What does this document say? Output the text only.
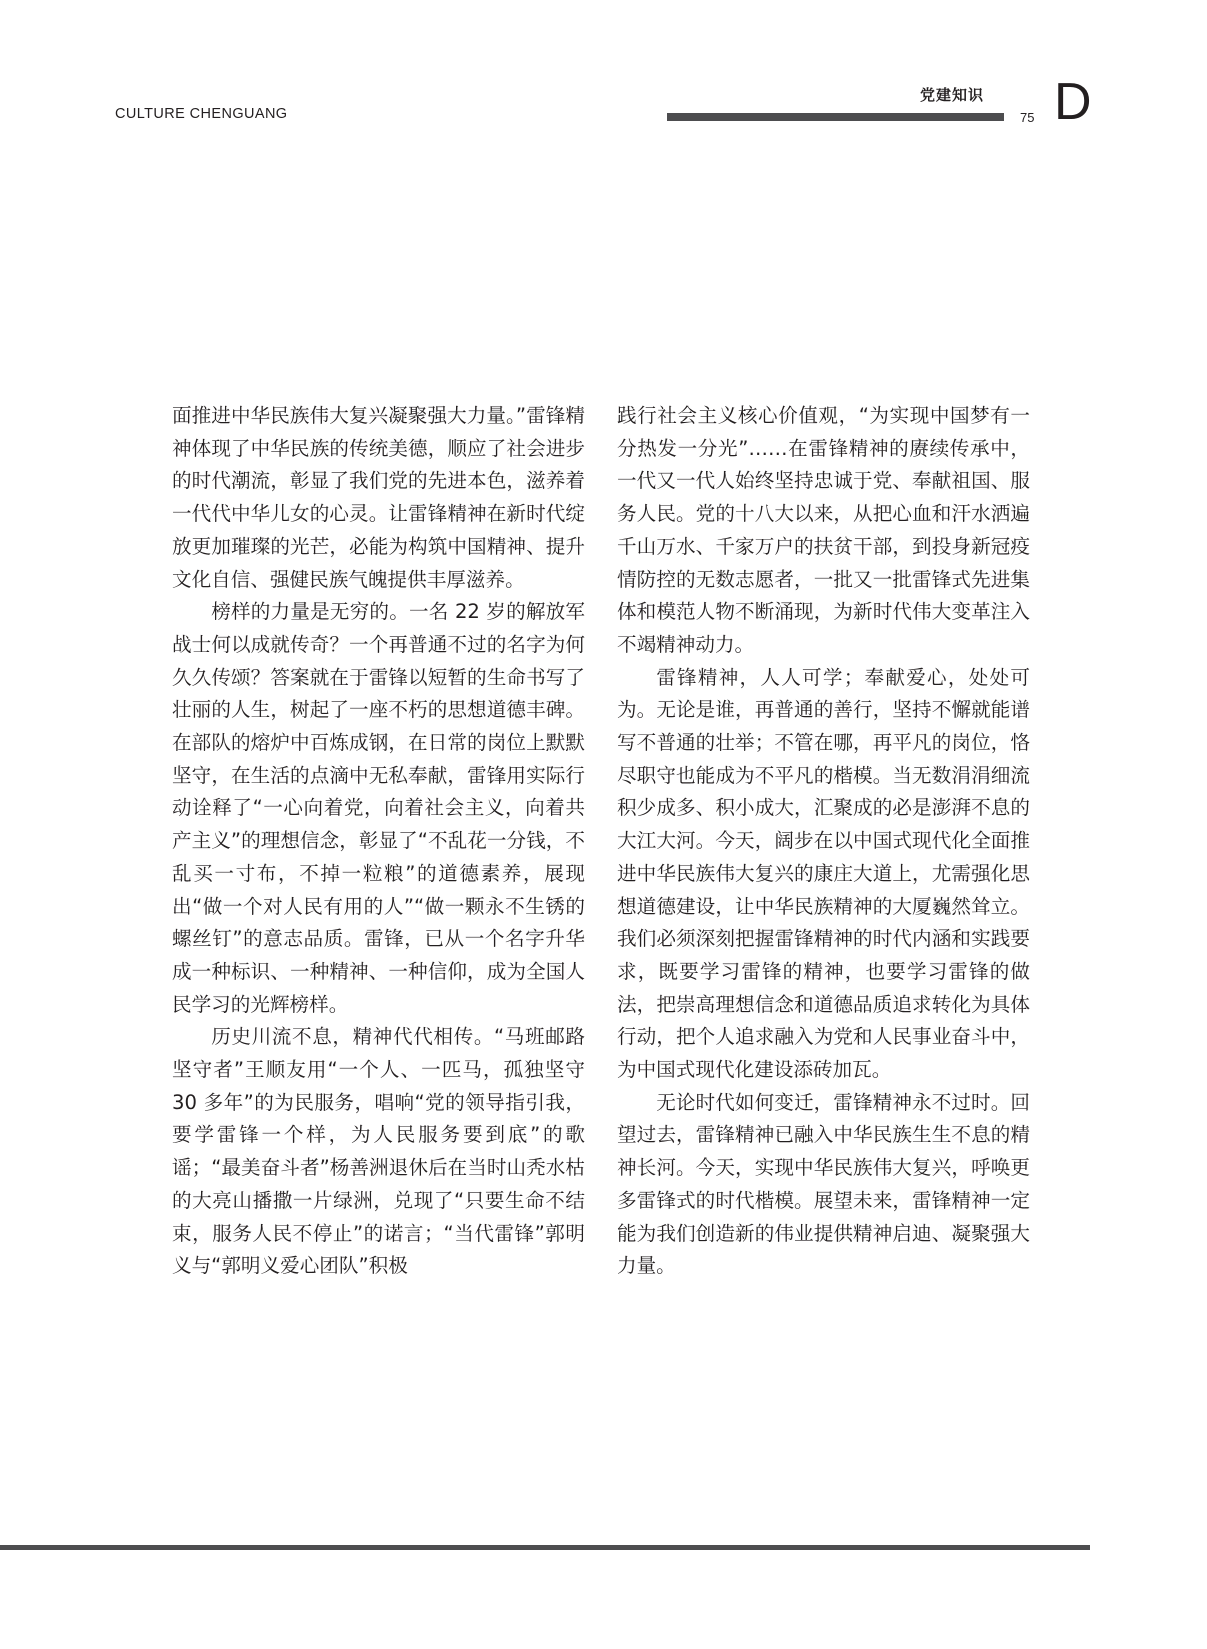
CULTURE CHENGUANG
党建知识
75 D

面推进中华民族伟大复兴凝聚强大力量。”雷锋精神体现了中华民族的传统美德，顺应了社会进步的时代潮流，彰显了我们党的先进本色，滋养着一代代中华儿女的心灵。让雷锋精神在新时代绽放更加璀璨的光芒，必能为构筑中国精神、提升文化自信、强健民族气魄提供丰厚滋养。

榜样的力量是无穷的。一名 22 岁的解放军战士何以成就传奇？一个再普通不过的名字为何久久传颂？答案就在于雷锋以短暂的生命书写了壮丽的人生，树起了一座不朽的思想道德丰碑。在部队的熔炉中百炼成钢，在日常的岗位上默默坚守，在生活的点滴中无私奉献，雷锋用实际行动诠释了“一心向着党，向着社会主义，向着共产主义”的理想信念，彰显了“不乱花一分钱，不乱买一寸布，不掉一粒粮”的道德素养，展现出“做一个对人民有用的人”“做一颗永不生锈的螺丝钉”的意志品质。雷锋，已从一个名字升华成一种标识、一种精神、一种信仰，成为全国人民学习的光辉榜样。

历史川流不息，精神代代相传。“马班邮路坚守者”王顺友用“一个人、一匹马，孤独坚守 30 多年”的为民服务，唱响“党的领导指引我，要学雷锋一个样，为人民服务要到底”的歌谣；“最美奋斗者”杨善洲退休后在当时山秃水枯的大亮山播撒一片绿洲，兑现了“只要生命不结束，服务人民不停止”的诺言；“当代雷锋”郭明义与“郭明义爱心团队”积极

践行社会主义核心价值观，“为实现中国梦有一分热发一分光”……在雷锋精神的赓续传承中，一代又一代人始终坚持忠诚于党、奉献祖国、服务人民。党的十八大以来，从把心血和汗水洒遍千山万水、千家万户的扶贫干部，到投身新冠疫情防控的无数志愿者，一批又一批雷锋式先进集体和模范人物不断涌现，为新时代伟大变革注入不竭精神动力。

雷锋精神，人人可学；奉献爱心，处处可为。无论是谁，再普通的善行，坚持不懈就能谱写不普通的壮举；不管在哪，再平凡的岗位，恪尽职守也能成为不平凡的楷模。当无数涓涓细流积少成多、积小成大，汇聚成的必是澎湃不息的大江大河。今天，阔步在以中国式现代化全面推进中华民族伟大复兴的康庄大道上，尤需强化思想道德建设，让中华民族精神的大厦巍然耸立。我们必须深刻把握雷锋精神的时代内涵和实践要求，既要学习雷锋的精神，也要学习雷锋的做法，把崇高理想信念和道德品质追求转化为具体行动，把个人追求融入为党和人民事业奋斗中，为中国式现代化建设添砖加瓦。

无论时代如何变迁，雷锋精神永不过时。回望过去，雷锋精神已融入中华民族生生不息的精神长河。今天，实现中华民族伟大复兴，呼唤更多雷锋式的时代楷模。展望未来，雷锋精神一定能为我们创造新的伟业提供精神启迪、凝聚强大力量。
